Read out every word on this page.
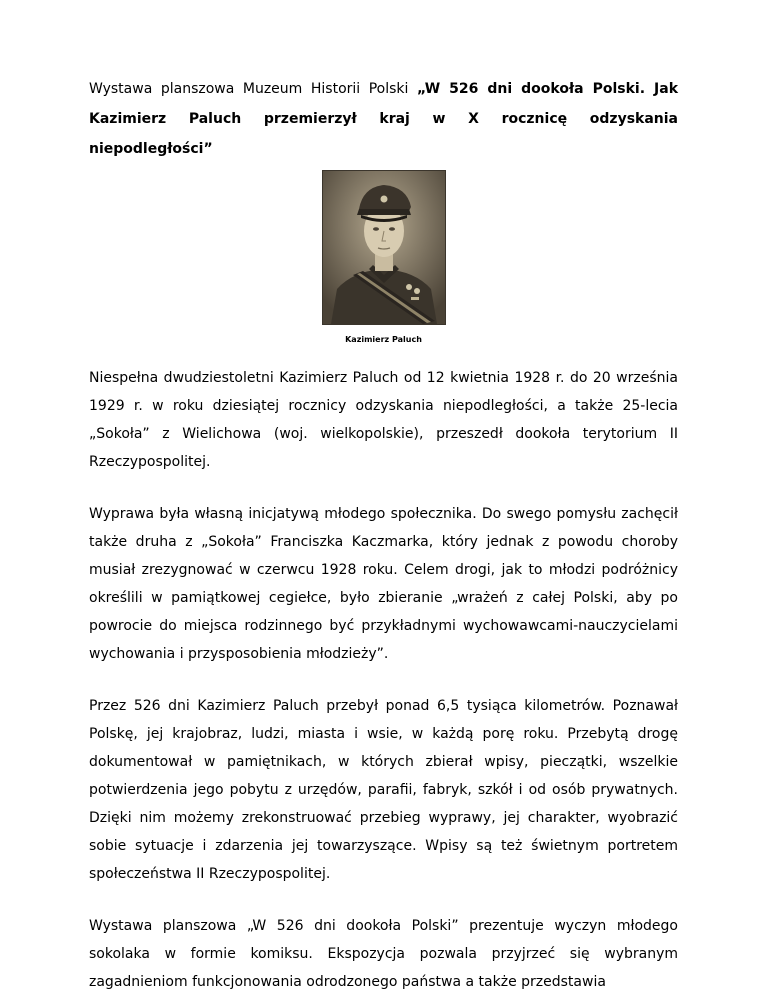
Wystawa planszowa Muzeum Historii Polski „W 526 dni dookoła Polski. Jak Kazimierz Paluch przemierzył kraj w X rocznicę odzyskania niepodległości”

Kazimierz Paluch

Niespełna dwudziestoletni Kazimierz Paluch od 12 kwietnia 1928 r. do 20 września 1929 r. w roku dziesiątej rocznicy odzyskania niepodległości, a także 25-lecia „Sokoła” z Wielichowa (woj. wielkopolskie), przeszedł dookoła terytorium II Rzeczypospolitej.

Wyprawa była własną inicjatywą młodego społecznika. Do swego pomysłu zachęcił także druha z „Sokoła” Franciszka Kaczmarka, który jednak z powodu choroby musiał zrezygnować w czerwcu 1928 roku. Celem drogi, jak to młodzi podróżnicy określili w pamiątkowej cegiełce, było zbieranie „wrażeń z całej Polski, aby po powrocie do miejsca rodzinnego być przykładnymi wychowawcami-nauczycielami wychowania i przysposobienia młodzieży”.

Przez 526 dni Kazimierz Paluch przebył ponad 6,5 tysiąca kilometrów. Poznawał Polskę, jej krajobraz, ludzi, miasta i wsie, w każdą porę roku. Przebytą drogę dokumentował w pamiętnikach, w których zbierał wpisy, pieczątki, wszelkie potwierdzenia jego pobytu z urzędów, parafii, fabryk, szkół i od osób prywatnych. Dzięki nim możemy zrekonstruować przebieg wyprawy, jej charakter, wyobrazić sobie sytuacje i zdarzenia jej towarzyszące. Wpisy są też świetnym portretem społeczeństwa II Rzeczypospolitej.

Wystawa planszowa „W 526 dni dookoła Polski” prezentuje wyczyn młodego sokolaka w formie komiksu. Ekspozycja pozwala przyjrzeć się wybranym zagadnieniom funkcjonowania odrodzonego państwa a także przedstawia
